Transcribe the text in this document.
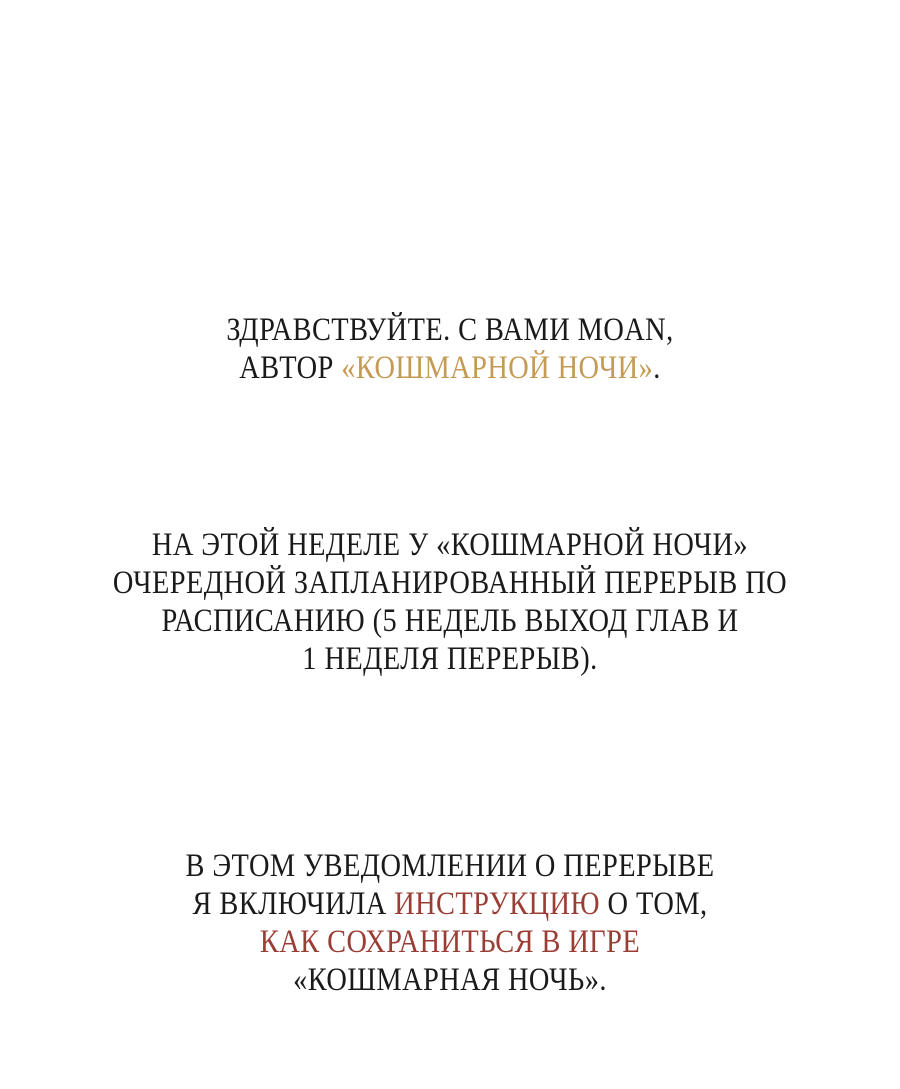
ЗДРАВСТВУЙТЕ. С ВАМИ MOAN,
АВТОР «КОШМАРНОЙ НОЧИ».
НА ЭТОЙ НЕДЕЛЕ У «КОШМАРНОЙ НОЧИ»
ОЧЕРЕДНОЙ ЗАПЛАНИРОВАННЫЙ ПЕРЕРЫВ ПО
РАСПИСАНИЮ (5 НЕДЕЛЬ ВЫХОД ГЛАВ И
1 НЕДЕЛЯ ПЕРЕРЫВ).
В ЭТОМ УВЕДОМЛЕНИИ О ПЕРЕРЫВЕ
Я ВКЛЮЧИЛА ИНСТРУКЦИЮ О ТОМ,
КАК СОХРАНИТЬСЯ В ИГРЕ
«КОШМАРНАЯ НОЧЬ».
